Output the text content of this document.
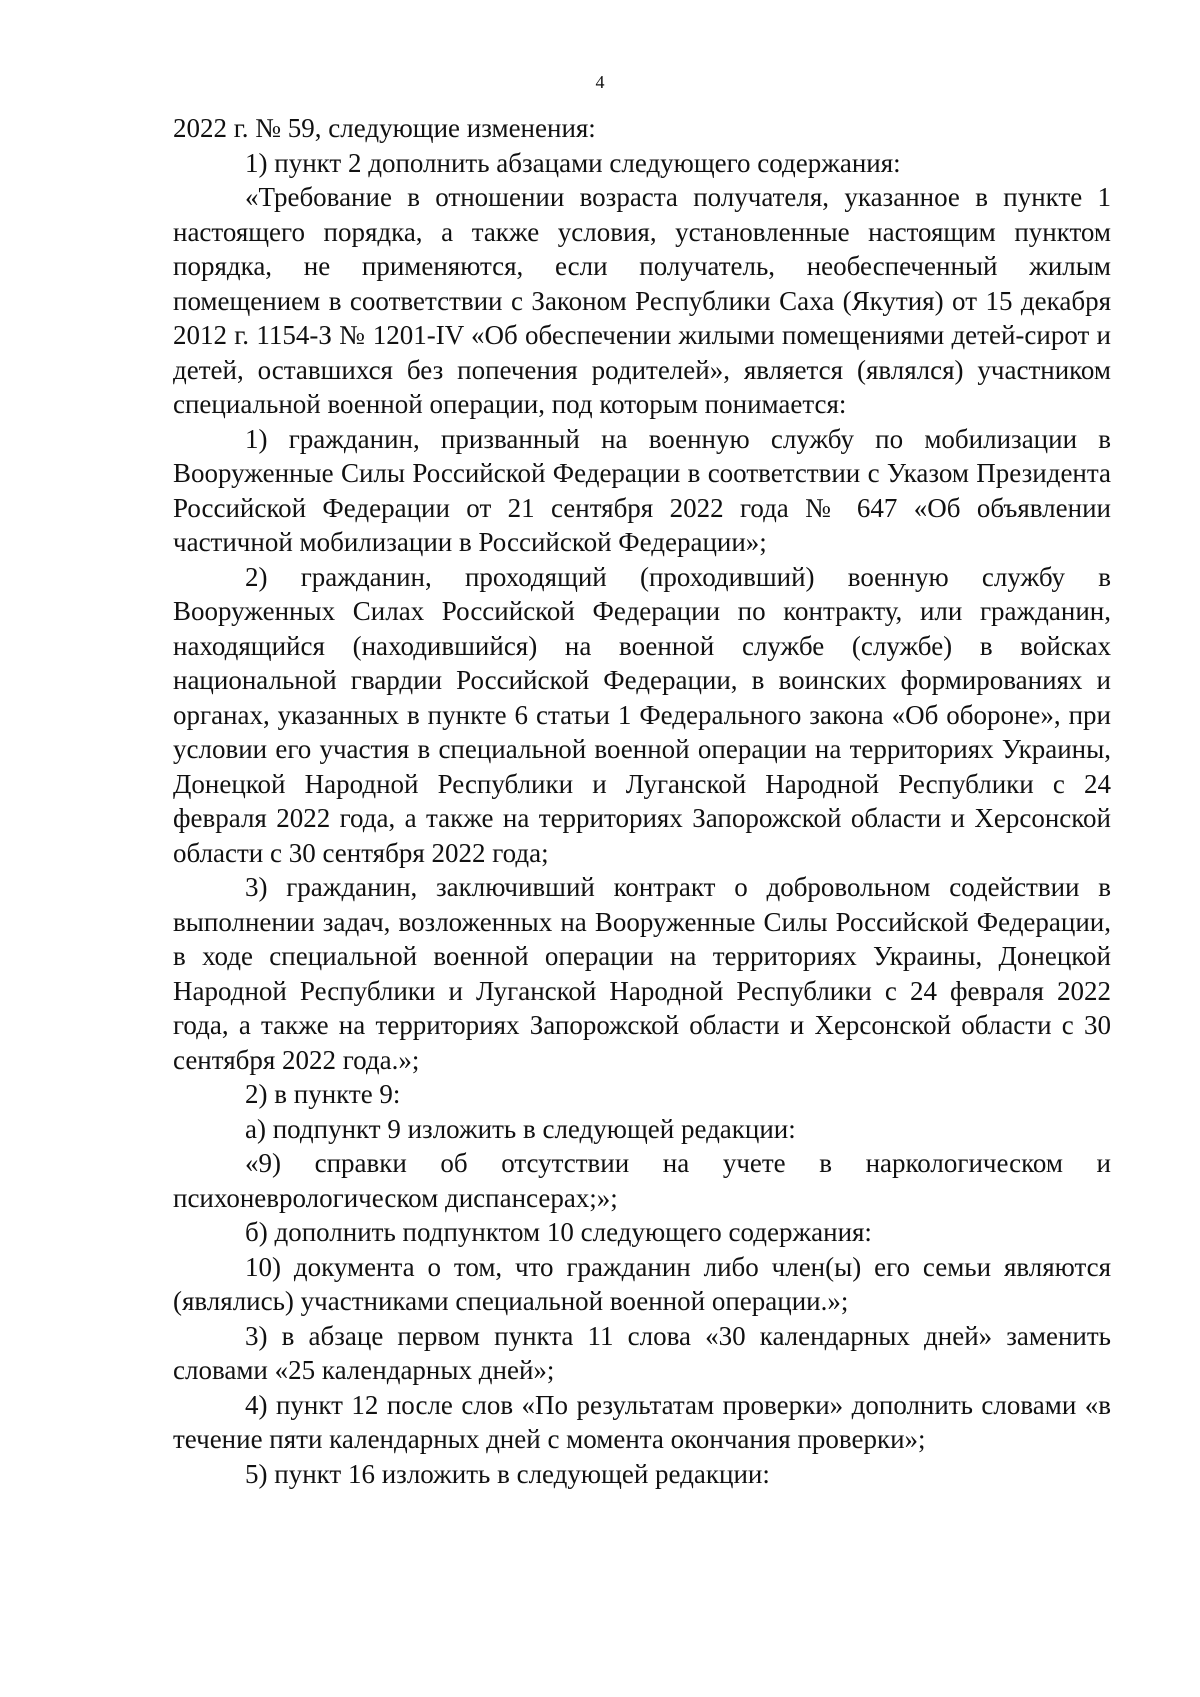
4

2022 г. № 59, следующие изменения:

1) пункт 2 дополнить абзацами следующего содержания:

«Требование в отношении возраста получателя, указанное в пункте 1 настоящего порядка, а также условия, установленные настоящим пунктом порядка, не применяются, если получатель, необеспеченный жилым помещением в соответствии с Законом Республики Саха (Якутия) от 15 декабря 2012 г. 1154-З № 1201-IV «Об обеспечении жилыми помещениями детей-сирот и детей, оставшихся без попечения родителей», является (являлся) участником специальной военной операции, под которым понимается:

1) гражданин, призванный на военную службу по мобилизации в Вооруженные Силы Российской Федерации в соответствии с Указом Президента Российской Федерации от 21 сентября 2022 года № 647 «Об объявлении частичной мобилизации в Российской Федерации»;

2) гражданин, проходящий (проходивший) военную службу в Вооруженных Силах Российской Федерации по контракту, или гражданин, находящийся (находившийся) на военной службе (службе) в войсках национальной гвардии Российской Федерации, в воинских формированиях и органах, указанных в пункте 6 статьи 1 Федерального закона «Об обороне», при условии его участия в специальной военной операции на территориях Украины, Донецкой Народной Республики и Луганской Народной Республики с 24 февраля 2022 года, а также на территориях Запорожской области и Херсонской области с 30 сентября 2022 года;

3) гражданин, заключивший контракт о добровольном содействии в выполнении задач, возложенных на Вооруженные Силы Российской Федерации, в ходе специальной военной операции на территориях Украины, Донецкой Народной Республики и Луганской Народной Республики с 24 февраля 2022 года, а также на территориях Запорожской области и Херсонской области с 30 сентября 2022 года.»;

2) в пункте 9:

а) подпункт 9 изложить в следующей редакции:

«9) справки об отсутствии на учете в наркологическом и психоневрологическом диспансерах;»;

б) дополнить подпунктом 10 следующего содержания:

10) документа о том, что гражданин либо член(ы) его семьи являются (являлись) участниками специальной военной операции.»;

3) в абзаце первом пункта 11 слова «30 календарных дней» заменить словами «25 календарных дней»;

4) пункт 12 после слов «По результатам проверки» дополнить словами «в течение пяти календарных дней с момента окончания проверки»;

5) пункт 16 изложить в следующей редакции:
